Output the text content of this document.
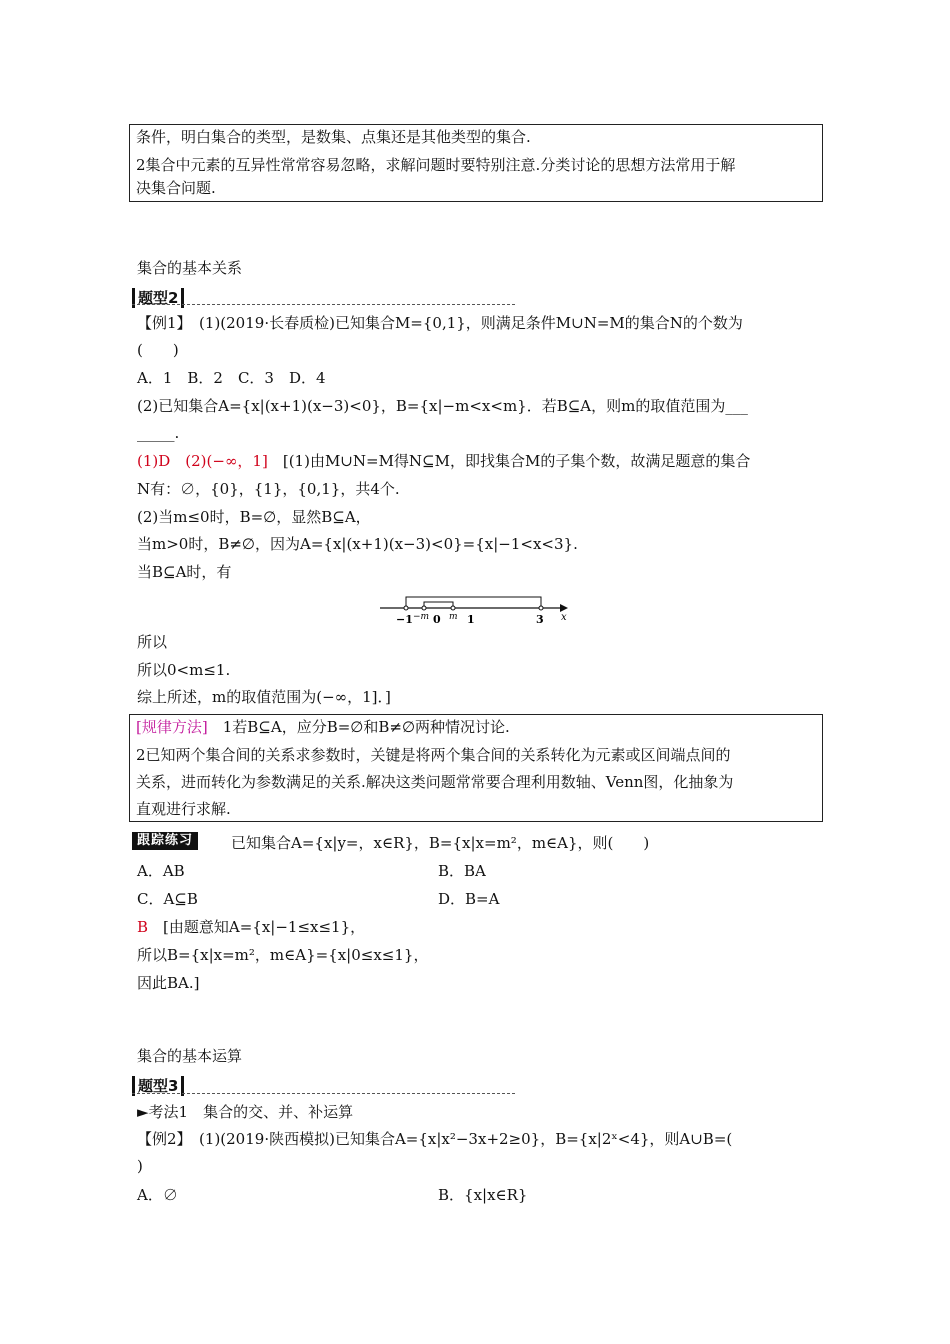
条件，明白集合的类型，是数集、点集还是其他类型的集合.
2集合中元素的互异性常常容易忽略，求解问题时要特别注意.分类讨论的思想方法常用于解
决集合问题.
集合的基本关系
题型2
【例1】　(1)(2019·长春质检)已知集合M={0,1}，则满足条件M∪N=M的集合N的个数为
(　　)
A．1　B．2　C．3　D．4
(2)已知集合A={x|(x+1)(x−3)<0}，B={x|−m<x<m}．若B⊆A，则m的取值范围为___
_____.
(1)D　(2)(−∞，1]　[(1)由M∪N=M得N⊆M，即找集合M的子集个数，故满足题意的集合
N有：∅，{0}，{1}，{0,1}，共4个.
(2)当m≤0时，B=∅，显然B⊆A，
当m>0时，B≠∅，因为A={x|(x+1)(x−3)<0}={x|−1<x<3}.
当B⊆A时，有
−1 −m 0 m 1	3 x
所以
所以0<m≤1.
综上所述，m的取值范围为(−∞，1]．]
[规律方法]　 1若B⊆A，应分B=∅和B≠∅两种情况讨论.
2已知两个集合间的关系求参数时，关键是将两个集合间的关系转化为元素或区间端点间的
关系，进而转化为参数满足的关系.解决这类问题常常要合理利用数轴、Venn图，化抽象为
直观进行求解.
跟踪练习	已知集合A={x|y=，x∈R}，B={x|x=m²，m∈A}，则(　　)
A．AB	B．BA
C．A⊆B	D．B=A
B　[由题意知A={x|−1≤x≤1}，
所以B={x|x=m²，m∈A}={x|0≤x≤1}，
因此BA.]
集合的基本运算
题型3
►考法1　集合的交、并、补运算
【例2】　(1)(2019·陕西模拟)已知集合A={x|x²−3x+2≥0}，B={x|2ˣ<4}，则A∪B=(
)
A．∅	B．{x|x∈R}
